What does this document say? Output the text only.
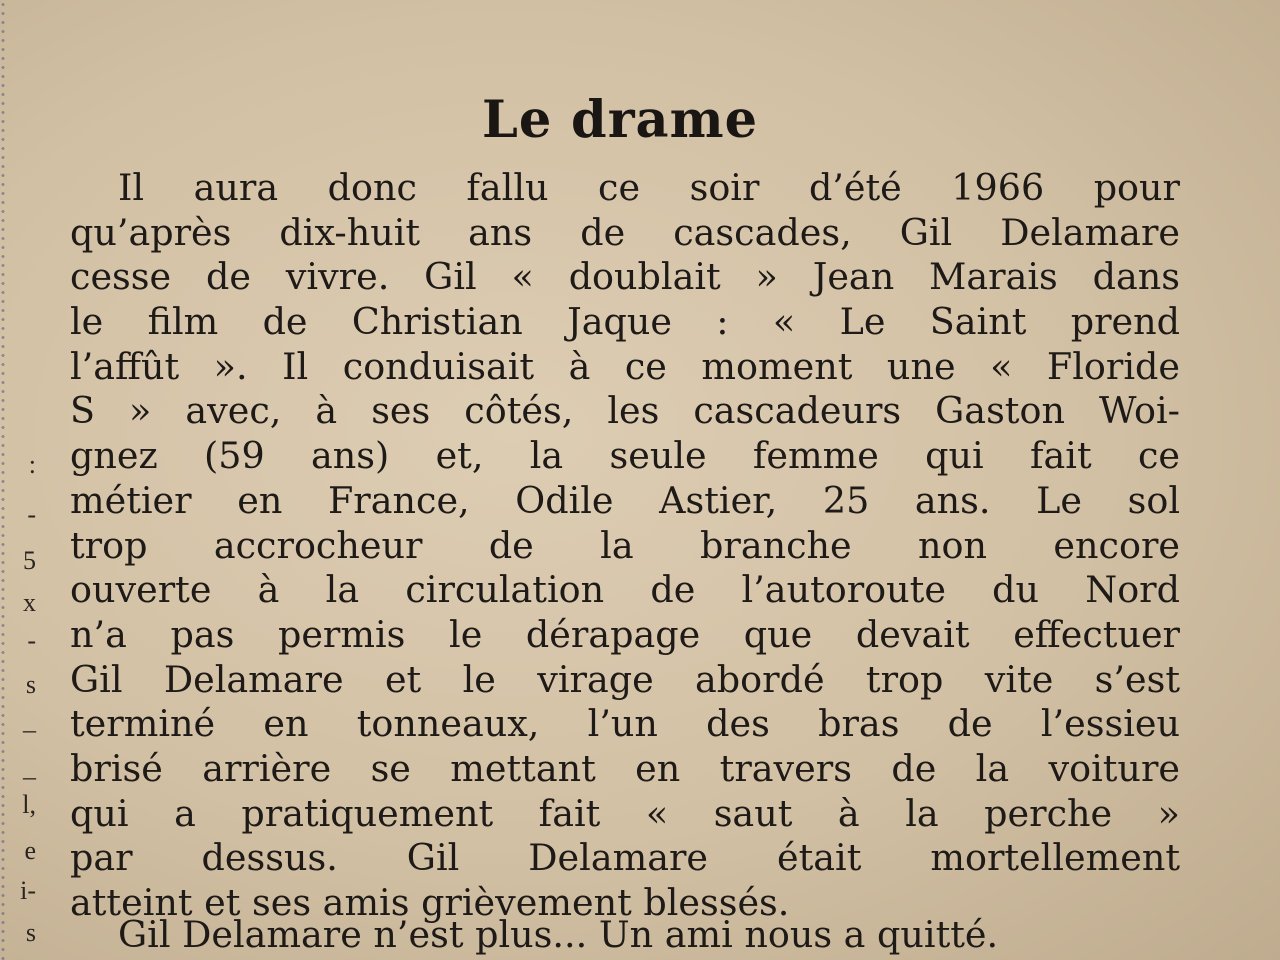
:
-
5
x
-
s
_
_
l,
e
i-
s
Le drame
Il aura donc fallu ce soir d’été 1966 pour
qu’après dix-huit ans de cascades, Gil Delamare
cesse de vivre. Gil « doublait » Jean Marais dans
le film de Christian Jaque : « Le Saint prend
l’affût ». Il conduisait à ce moment une « Floride
S » avec, à ses côtés, les cascadeurs Gaston Woi-
gnez (59 ans) et, la seule femme qui fait ce
métier en France, Odile Astier, 25 ans. Le sol
trop accrocheur de la branche non encore
ouverte à la circulation de l’autoroute du Nord
n’a pas permis le dérapage que devait effectuer
Gil Delamare et le virage abordé trop vite s’est
terminé en tonneaux, l’un des bras de l’essieu
brisé arrière se mettant en travers de la voiture
qui a pratiquement fait « saut à la perche »
par dessus. Gil Delamare était mortellement
atteint et ses amis grièvement blessés.
Gil Delamare n’est plus... Un ami nous a quitté.
